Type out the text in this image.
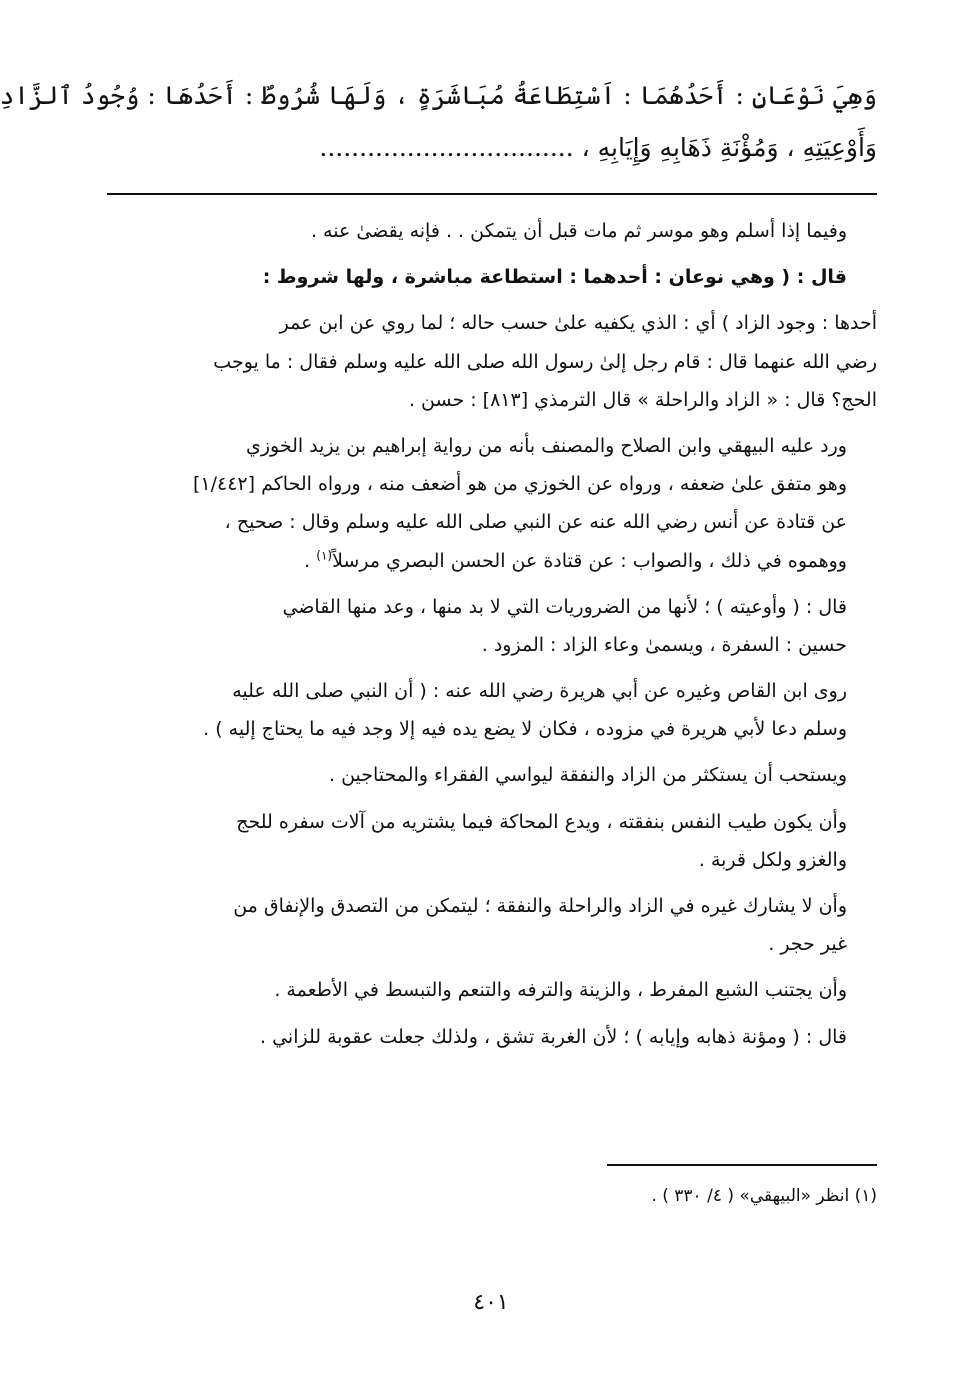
وَهِيَ نَوْعَانِ : أَحَدُهُمَا : اَسْتِطَاعَةُ مُبَاشَرَةٍ ، وَلَهَا شُرُوطٌ : أَحَدُهَا : وُجُودُ ٱلزَّادِ
وَأَوْعِيَتِهِ ، وَمُؤْنَةِ ذَهَابِهِ وَإِيَابِهِ ، ................................
وفيما إذا أسلم وهو موسر ثم مات قبل أن يتمكن . . فإنه يقضىٰ عنه .
قال : ( وهي نوعان : أحدهما : استطاعة مباشرة ، ولها شروط :
أحدها : وجود الزاد ) أي : الذي يكفيه علىٰ حسب حاله ؛ لما روي عن ابن عمر
رضي الله عنهما قال : قام رجل إلىٰ رسول الله صلى الله عليه وسلم فقال : ما يوجب
الحج؟ قال : « الزاد والراحلة » قال الترمذي [٨١٣] : حسن .
ورد عليه البيهقي وابن الصلاح والمصنف بأنه من رواية إبراهيم بن يزيد الخوزي
وهو متفق علىٰ ضعفه ، ورواه عن الخوزي من هو أضعف منه ، ورواه الحاكم [١/٤٤٢]
عن قتادة عن أنس رضي الله عنه عن النبي صلى الله عليه وسلم وقال : صحيح ،
ووهموه في ذلك ، والصواب : عن قتادة عن الحسن البصري مرسلاً$^{(١)}$ .
قال : ( وأوعيته ) ؛ لأنها من الضروريات التي لا بد منها ، وعد منها القاضي
حسين : السفرة ، ويسمىٰ وعاء الزاد : المزود .
روى ابن القاص وغيره عن أبي هريرة رضي الله عنه : ( أن النبي صلى الله عليه
وسلم دعا لأبي هريرة في مزوده ، فكان لا يضع يده فيه إلا وجد فيه ما يحتاج إليه ) .
ويستحب أن يستكثر من الزاد والنفقة ليواسي الفقراء والمحتاجين .
وأن يكون طيب النفس بنفقته ، ويدع المحاكة فيما يشتريه من آلات سفره للحج
والغزو ولكل قربة .
وأن لا يشارك غيره في الزاد والراحلة والنفقة ؛ ليتمكن من التصدق والإنفاق من
غير حجر .
وأن يجتنب الشبع المفرط ، والزينة والترفه والتنعم والتبسط في الأطعمة .
قال : ( ومؤنة ذهابه وإيابه ) ؛ لأن الغربة تشق ، ولذلك جعلت عقوبة للزاني .
(١) انظر «البيهقي» ( ٤/ ٣٣٠ ) .
٤٠١
